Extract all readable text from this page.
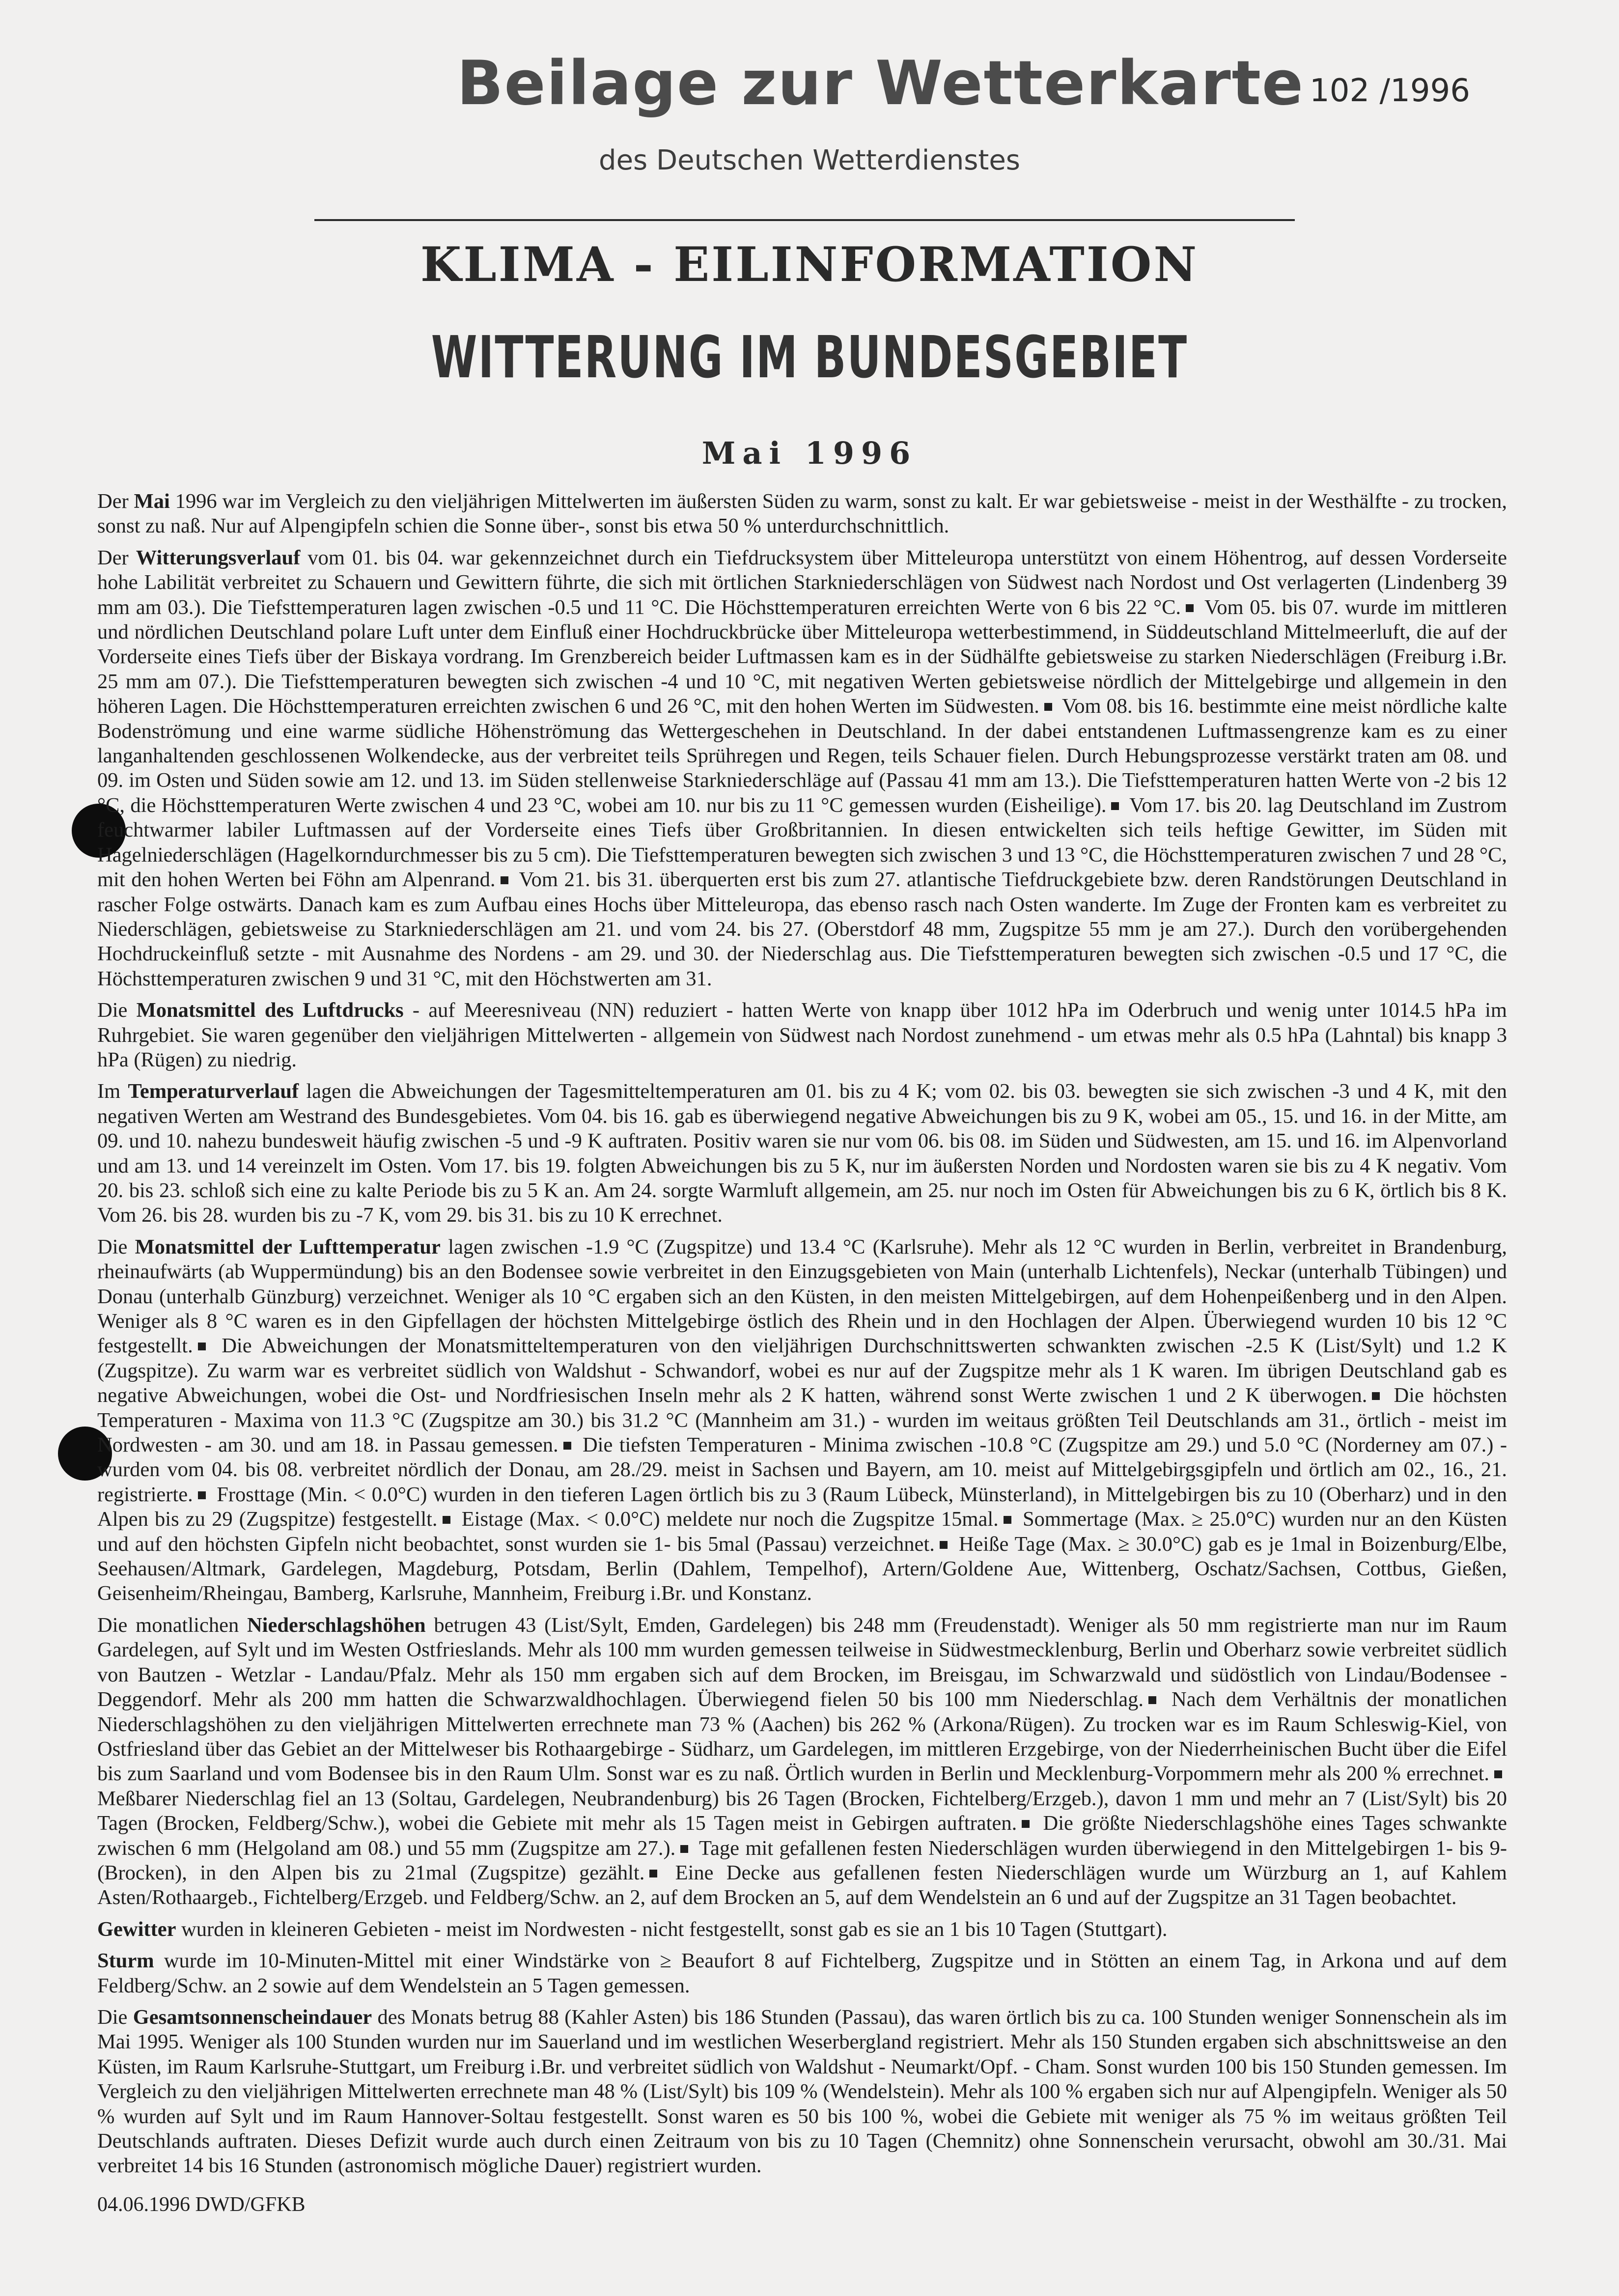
Beilage zur Wetterkarte 102 /1996
des Deutschen Wetterdienstes
KLIMA - EILINFORMATION
WITTERUNG IM BUNDESGEBIET
Mai 1996

Der Mai 1996 war im Vergleich zu den vieljährigen Mittelwerten im äußersten Süden zu warm, sonst zu kalt. Er war gebietsweise - meist in der Westhälfte - zu trocken, sonst zu naß. Nur auf Alpengipfeln schien die Sonne über-, sonst bis etwa 50 % unterdurchschnittlich.

Der Witterungsverlauf vom 01. bis 04. war gekennzeichnet durch ein Tiefdrucksystem über Mitteleuropa unterstützt von einem Höhentrog, auf dessen Vorderseite hohe Labilität verbreitet zu Schauern und Gewittern führte, die sich mit örtlichen Starkniederschlägen von Südwest nach Nordost und Ost verlagerten (Lindenberg 39 mm am 03.). Die Tiefsttemperaturen lagen zwischen -0.5 und 11 °C. Die Höchsttemperaturen erreichten Werte von 6 bis 22 °C. Vom 05. bis 07. wurde im mittleren und nördlichen Deutschland polare Luft unter dem Einfluß einer Hochdruckbrücke über Mitteleuropa wetterbestimmend, in Süddeutschland Mittelmeerluft, die auf der Vorderseite eines Tiefs über der Biskaya vordrang. Im Grenzbereich beider Luftmassen kam es in der Südhälfte gebietsweise zu starken Niederschlägen (Freiburg i.Br. 25 mm am 07.). Die Tiefsttemperaturen bewegten sich zwischen -4 und 10 °C, mit negativen Werten gebietsweise nördlich der Mittelgebirge und allgemein in den höheren Lagen. Die Höchsttemperaturen erreichten zwischen 6 und 26 °C, mit den hohen Werten im Südwesten. Vom 08. bis 16. bestimmte eine meist nördliche kalte Bodenströmung und eine warme südliche Höhenströmung das Wettergeschehen in Deutschland. In der dabei entstandenen Luftmassengrenze kam es zu einer langanhaltenden geschlossenen Wolkendecke, aus der verbreitet teils Sprühregen und Regen, teils Schauer fielen. Durch Hebungsprozesse verstärkt traten am 08. und 09. im Osten und Süden sowie am 12. und 13. im Süden stellenweise Starkniederschläge auf (Passau 41 mm am 13.). Die Tiefsttemperaturen hatten Werte von -2 bis 12 °C, die Höchsttemperaturen Werte zwischen 4 und 23 °C, wobei am 10. nur bis zu 11 °C gemessen wurden (Eisheilige). Vom 17. bis 20. lag Deutschland im Zustrom feuchtwarmer labiler Luftmassen auf der Vorderseite eines Tiefs über Großbritannien. In diesen entwickelten sich teils heftige Gewitter, im Süden mit Hagelniederschlägen (Hagelkorndurchmesser bis zu 5 cm). Die Tiefsttemperaturen bewegten sich zwischen 3 und 13 °C, die Höchsttemperaturen zwischen 7 und 28 °C, mit den hohen Werten bei Föhn am Alpenrand. Vom 21. bis 31. überquerten erst bis zum 27. atlantische Tiefdruckgebiete bzw. deren Randstörungen Deutschland in rascher Folge ostwärts. Danach kam es zum Aufbau eines Hochs über Mitteleuropa, das ebenso rasch nach Osten wanderte. Im Zuge der Fronten kam es verbreitet zu Niederschlägen, gebietsweise zu Starkniederschlägen am 21. und vom 24. bis 27. (Oberstdorf 48 mm, Zugspitze 55 mm je am 27.). Durch den vorübergehenden Hochdruckeinfluß setzte - mit Ausnahme des Nordens - am 29. und 30. der Niederschlag aus. Die Tiefsttemperaturen bewegten sich zwischen -0.5 und 17 °C, die Höchsttemperaturen zwischen 9 und 31 °C, mit den Höchstwerten am 31.

Die Monatsmittel des Luftdrucks - auf Meeresniveau (NN) reduziert - hatten Werte von knapp über 1012 hPa im Oderbruch und wenig unter 1014.5 hPa im Ruhrgebiet. Sie waren gegenüber den vieljährigen Mittelwerten - allgemein von Südwest nach Nordost zunehmend - um etwas mehr als 0.5 hPa (Lahntal) bis knapp 3 hPa (Rügen) zu niedrig.

Im Temperaturverlauf lagen die Abweichungen der Tagesmitteltemperaturen am 01. bis zu 4 K; vom 02. bis 03. bewegten sie sich zwischen -3 und 4 K, mit den negativen Werten am Westrand des Bundesgebietes. Vom 04. bis 16. gab es überwiegend negative Abweichungen bis zu 9 K, wobei am 05., 15. und 16. in der Mitte, am 09. und 10. nahezu bundesweit häufig zwischen -5 und -9 K auftraten. Positiv waren sie nur vom 06. bis 08. im Süden und Südwesten, am 15. und 16. im Alpenvorland und am 13. und 14 vereinzelt im Osten. Vom 17. bis 19. folgten Abweichungen bis zu 5 K, nur im äußersten Norden und Nordosten waren sie bis zu 4 K negativ. Vom 20. bis 23. schloß sich eine zu kalte Periode bis zu 5 K an. Am 24. sorgte Warmluft allgemein, am 25. nur noch im Osten für Abweichungen bis zu 6 K, örtlich bis 8 K. Vom 26. bis 28. wurden bis zu -7 K, vom 29. bis 31. bis zu 10 K errechnet.

Die Monatsmittel der Lufttemperatur lagen zwischen -1.9 °C (Zugspitze) und 13.4 °C (Karlsruhe). Mehr als 12 °C wurden in Berlin, verbreitet in Brandenburg, rheinaufwärts (ab Wuppermündung) bis an den Bodensee sowie verbreitet in den Einzugsgebieten von Main (unterhalb Lichtenfels), Neckar (unterhalb Tübingen) und Donau (unterhalb Günzburg) verzeichnet. Weniger als 10 °C ergaben sich an den Küsten, in den meisten Mittelgebirgen, auf dem Hohenpeißenberg und in den Alpen. Weniger als 8 °C waren es in den Gipfellagen der höchsten Mittelgebirge östlich des Rhein und in den Hochlagen der Alpen. Überwiegend wurden 10 bis 12 °C festgestellt. Die Abweichungen der Monatsmitteltemperaturen von den vieljährigen Durchschnittswerten schwankten zwischen -2.5 K (List/Sylt) und 1.2 K (Zugspitze). Zu warm war es verbreitet südlich von Waldshut - Schwandorf, wobei es nur auf der Zugspitze mehr als 1 K waren. Im übrigen Deutschland gab es negative Abweichungen, wobei die Ost- und Nordfriesischen Inseln mehr als 2 K hatten, während sonst Werte zwischen 1 und 2 K überwogen. Die höchsten Temperaturen - Maxima von 11.3 °C (Zugspitze am 30.) bis 31.2 °C (Mannheim am 31.) - wurden im weitaus größten Teil Deutschlands am 31., örtlich - meist im Nordwesten - am 30. und am 18. in Passau gemessen. Die tiefsten Temperaturen - Minima zwischen -10.8 °C (Zugspitze am 29.) und 5.0 °C (Norderney am 07.) - wurden vom 04. bis 08. verbreitet nördlich der Donau, am 28./29. meist in Sachsen und Bayern, am 10. meist auf Mittelgebirgsgipfeln und örtlich am 02., 16., 21. registrierte. Frosttage (Min. < 0.0°C) wurden in den tieferen Lagen örtlich bis zu 3 (Raum Lübeck, Münsterland), in Mittelgebirgen bis zu 10 (Oberharz) und in den Alpen bis zu 29 (Zugspitze) festgestellt. Eistage (Max. < 0.0°C) meldete nur noch die Zugspitze 15mal. Sommertage (Max. ≥ 25.0°C) wurden nur an den Küsten und auf den höchsten Gipfeln nicht beobachtet, sonst wurden sie 1- bis 5mal (Passau) verzeichnet. Heiße Tage (Max. ≥ 30.0°C) gab es je 1mal in Boizenburg/Elbe, Seehausen/Altmark, Gardelegen, Magdeburg, Potsdam, Berlin (Dahlem, Tempelhof), Artern/Goldene Aue, Wittenberg, Oschatz/Sachsen, Cottbus, Gießen, Geisenheim/Rheingau, Bamberg, Karlsruhe, Mannheim, Freiburg i.Br. und Konstanz.

Die monatlichen Niederschlagshöhen betrugen 43 (List/Sylt, Emden, Gardelegen) bis 248 mm (Freudenstadt). Weniger als 50 mm registrierte man nur im Raum Gardelegen, auf Sylt und im Westen Ostfrieslands. Mehr als 100 mm wurden gemessen teilweise in Südwestmecklenburg, Berlin und Oberharz sowie verbreitet südlich von Bautzen - Wetzlar - Landau/Pfalz. Mehr als 150 mm ergaben sich auf dem Brocken, im Breisgau, im Schwarzwald und südöstlich von Lindau/Bodensee - Deggendorf. Mehr als 200 mm hatten die Schwarzwaldhochlagen. Überwiegend fielen 50 bis 100 mm Niederschlag. Nach dem Verhältnis der monatlichen Niederschlagshöhen zu den vieljährigen Mittelwerten errechnete man 73 % (Aachen) bis 262 % (Arkona/Rügen). Zu trocken war es im Raum Schleswig-Kiel, von Ostfriesland über das Gebiet an der Mittelweser bis Rothaargebirge - Südharz, um Gardelegen, im mittleren Erzgebirge, von der Niederrheinischen Bucht über die Eifel bis zum Saarland und vom Bodensee bis in den Raum Ulm. Sonst war es zu naß. Örtlich wurden in Berlin und Mecklenburg-Vorpommern mehr als 200 % errechnet. Meßbarer Niederschlag fiel an 13 (Soltau, Gardelegen, Neubrandenburg) bis 26 Tagen (Brocken, Fichtelberg/Erzgeb.), davon 1 mm und mehr an 7 (List/Sylt) bis 20 Tagen (Brocken, Feldberg/Schw.), wobei die Gebiete mit mehr als 15 Tagen meist in Gebirgen auftraten. Die größte Niederschlagshöhe eines Tages schwankte zwischen 6 mm (Helgoland am 08.) und 55 mm (Zugspitze am 27.). Tage mit gefallenen festen Niederschlägen wurden überwiegend in den Mittelgebirgen 1- bis 9- (Brocken), in den Alpen bis zu 21mal (Zugspitze) gezählt. Eine Decke aus gefallenen festen Niederschlägen wurde um Würzburg an 1, auf Kahlem Asten/Rothaargeb., Fichtelberg/Erzgeb. und Feldberg/Schw. an 2, auf dem Brocken an 5, auf dem Wendelstein an 6 und auf der Zugspitze an 31 Tagen beobachtet.

Gewitter wurden in kleineren Gebieten - meist im Nordwesten - nicht festgestellt, sonst gab es sie an 1 bis 10 Tagen (Stuttgart).

Sturm wurde im 10-Minuten-Mittel mit einer Windstärke von ≥ Beaufort 8 auf Fichtelberg, Zugspitze und in Stötten an einem Tag, in Arkona und auf dem Feldberg/Schw. an 2 sowie auf dem Wendelstein an 5 Tagen gemessen.

Die Gesamtsonnenscheindauer des Monats betrug 88 (Kahler Asten) bis 186 Stunden (Passau), das waren örtlich bis zu ca. 100 Stunden weniger Sonnenschein als im Mai 1995. Weniger als 100 Stunden wurden nur im Sauerland und im westlichen Weserbergland registriert. Mehr als 150 Stunden ergaben sich abschnittsweise an den Küsten, im Raum Karlsruhe-Stuttgart, um Freiburg i.Br. und verbreitet südlich von Waldshut - Neumarkt/Opf. - Cham. Sonst wurden 100 bis 150 Stunden gemessen. Im Vergleich zu den vieljährigen Mittelwerten errechnete man 48 % (List/Sylt) bis 109 % (Wendelstein). Mehr als 100 % ergaben sich nur auf Alpengipfeln. Weniger als 50 % wurden auf Sylt und im Raum Hannover-Soltau festgestellt. Sonst waren es 50 bis 100 %, wobei die Gebiete mit weniger als 75 % im weitaus größten Teil Deutschlands auftraten. Dieses Defizit wurde auch durch einen Zeitraum von bis zu 10 Tagen (Chemnitz) ohne Sonnenschein verursacht, obwohl am 30./31. Mai verbreitet 14 bis 16 Stunden (astronomisch mögliche Dauer) registriert wurden.

04.06.1996 DWD/GFKB
